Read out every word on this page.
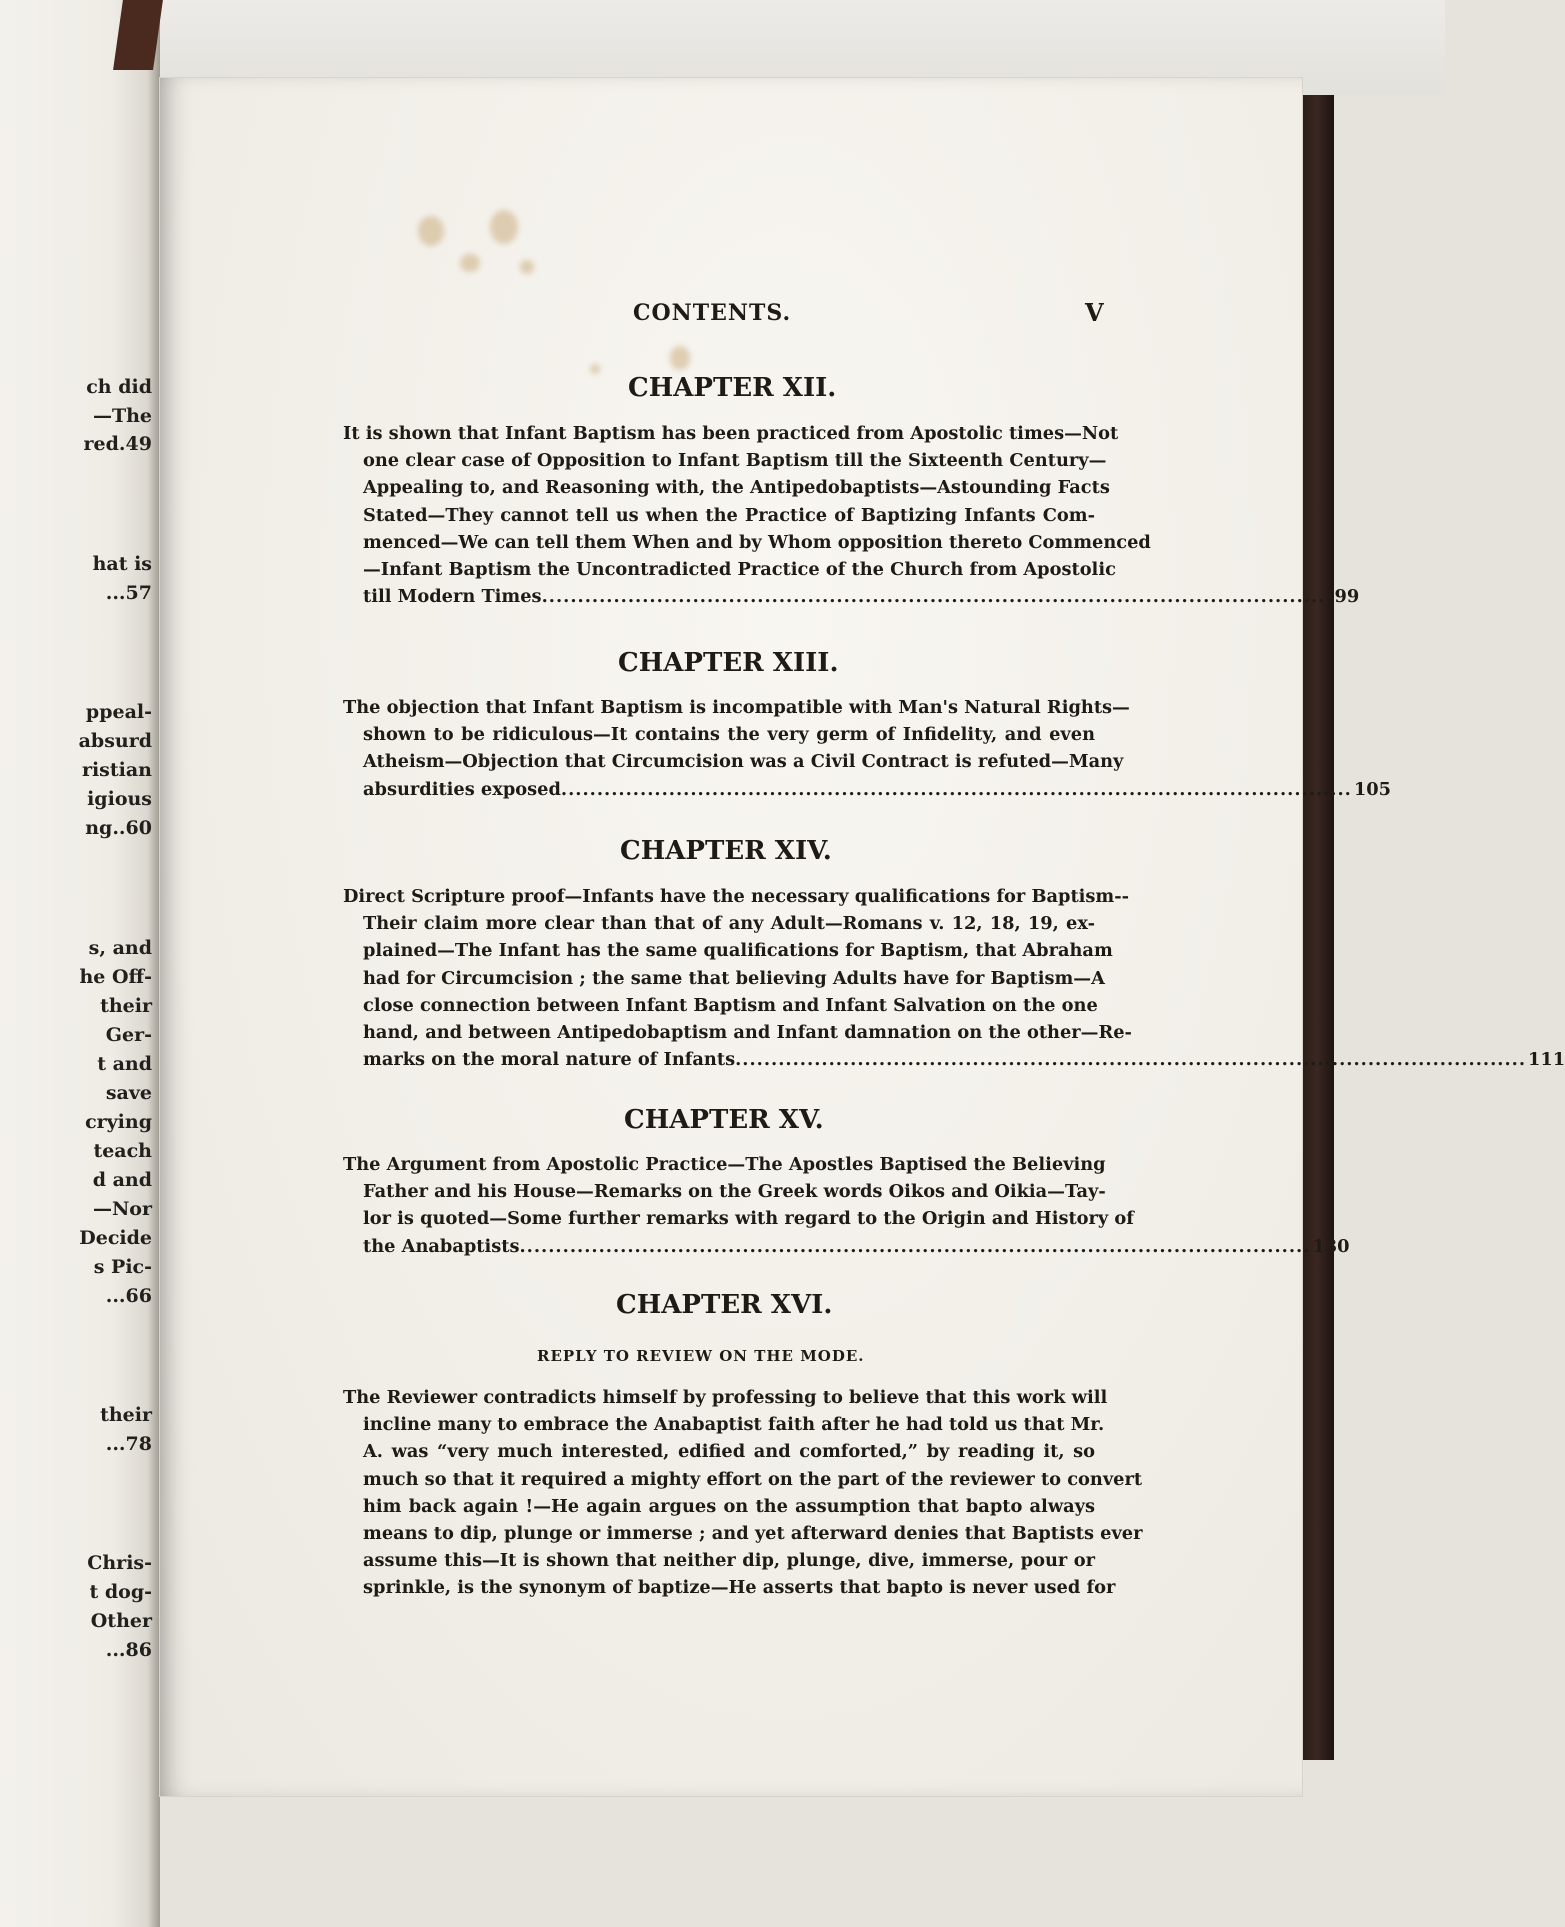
ch did
—The
red.49
hat is
...57
ppeal-
absurd
ristian
igious
ng..60
s, and
he Off-
their
Ger-
t and
save
crying
teach
d and
—Nor
Decide
s Pic-
...66
their
...78
Chris-
t dog-
Other
...86
CONTENTS.	V
CHAPTER XII.
It is shown that Infant Baptism has been practiced from Apostolic times—Not
one clear case of Opposition to Infant Baptism till the Sixteenth Century—
Appealing to, and Reasoning with, the Antipedobaptists—Astounding Facts
Stated—They cannot tell us when the Practice of Baptizing Infants Com-
menced—We can tell them When and by Whom opposition thereto Commenced
—Infant Baptism the Uncontradicted Practice of the Church from Apostolic
till Modern Times .............................................................................................................. 99
CHAPTER XIII.
The objection that Infant Baptism is incompatible with Man's Natural Rights—
shown to be ridiculous—It contains the very germ of Infidelity, and even
Atheism—Objection that Circumcision was a Civil Contract is refuted—Many
absurdities exposed .............................................................................................................. 105
CHAPTER XIV.
Direct Scripture proof—Infants have the necessary qualifications for Baptism--
Their claim more clear than that of any Adult—Romans v. 12, 18, 19, ex-
plained—The Infant has the same qualifications for Baptism, that Abraham
had for Circumcision ; the same that believing Adults have for Baptism—A
close connection between Infant Baptism and Infant Salvation on the one
hand, and between Antipedobaptism and Infant damnation on the other—Re-
marks on the moral nature of Infants .............................................................................................................. 111
CHAPTER XV.
The Argument from Apostolic Practice—The Apostles Baptised the Believing
Father and his House—Remarks on the Greek words Oikos and Oikia—Tay-
lor is quoted—Some further remarks with regard to the Origin and History of
the Anabaptists .............................................................................................................. 130
CHAPTER XVI.
REPLY TO REVIEW ON THE MODE.
The Reviewer contradicts himself by professing to believe that this work will
incline many to embrace the Anabaptist faith after he had told us that Mr.
A. was “very much interested, edified and comforted,” by reading it, so
much so that it required a mighty effort on the part of the reviewer to convert
him back again !—He again argues on the assumption that bapto always
means to dip, plunge or immerse ; and yet afterward denies that Baptists ever
assume this—It is shown that neither dip, plunge, dive, immerse, pour or
sprinkle, is the synonym of baptize—He asserts that bapto is never used for
